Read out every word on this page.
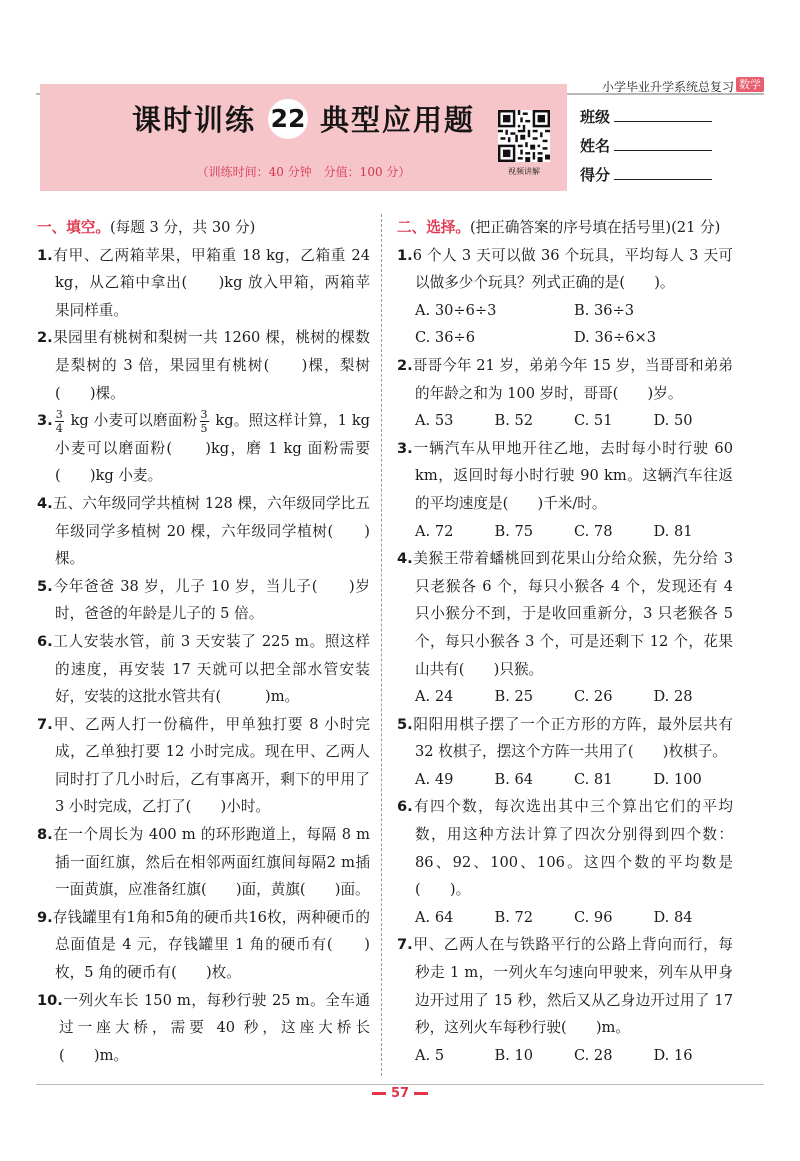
小学毕业升学系统总复习 数学
课时训练 22 典型应用题
（训练时间：40 分钟　分值：100 分）	视频讲解
班级
姓名
得分
一、填空。(每题 3 分，共 30 分)
1.有甲、乙两箱苹果，甲箱重 18 kg，乙箱重 24 kg，从乙箱中拿出(　　)kg 放入甲箱，两箱苹果同样重。
2.果园里有桃树和梨树一共 1260 棵，桃树的棵数是梨树的 3 倍，果园里有桃树(　　)棵，梨树(　　)棵。
3. $\frac{3}{4}$ kg 小麦可以磨面粉 $\frac{3}{5}$ kg。照这样计算，1 kg小麦可以磨面粉(　　)kg，磨 1 kg 面粉需要(　　)kg 小麦。
4.五、六年级同学共植树 128 棵，六年级同学比五年级同学多植树 20 棵，六年级同学植树(　　)棵。
5.今年爸爸 38 岁，儿子 10 岁，当儿子(　　)岁时，爸爸的年龄是儿子的 5 倍。
6.工人安装水管，前 3 天安装了 225 m。照这样的速度，再安装 17 天就可以把全部水管安装好，安装的这批水管共有(　　　)m。
7.甲、乙两人打一份稿件，甲单独打要 8 小时完成，乙单独打要 12 小时完成。现在甲、乙两人同时打了几小时后，乙有事离开，剩下的甲用了 3 小时完成，乙打了(　　)小时。
8.在一个周长为 400 m 的环形跑道上，每隔 8 m插一面红旗，然后在相邻两面红旗间每隔2 m插一面黄旗，应准备红旗(　　)面，黄旗(　　)面。
9.存钱罐里有1角和5角的硬币共16枚，两种硬币的总面值是 4 元，存钱罐里 1 角的硬币有(　　)枚，5 角的硬币有(　　)枚。
10.一列火车长 150 m，每秒行驶 25 m。全车通过一座大桥，需要 40 秒，这座大桥长(　　)m。
二、选择。(把正确答案的序号填在括号里)(21 分)
1.6 个人 3 天可以做 36 个玩具，平均每人 3 天可以做多少个玩具？列式正确的是(　　)。
A. 30÷6÷3	B. 36÷3
C. 36÷6	D. 36÷6×3
2.哥哥今年 21 岁，弟弟今年 15 岁，当哥哥和弟弟的年龄之和为 100 岁时，哥哥(　　)岁。
A. 53	B. 52	C. 51	D. 50
3.一辆汽车从甲地开往乙地，去时每小时行驶 60 km，返回时每小时行驶 90 km。这辆汽车往返的平均速度是(　　)千米/时。
A. 72	B. 75	C. 78	D. 81
4.美猴王带着蟠桃回到花果山分给众猴，先分给 3 只老猴各 6 个，每只小猴各 4 个，发现还有 4 只小猴分不到，于是收回重新分，3 只老猴各 5 个，每只小猴各 3 个，可是还剩下 12 个，花果山共有(　　)只猴。
A. 24	B. 25	C. 26	D. 28
5.阳阳用棋子摆了一个正方形的方阵，最外层共有 32 枚棋子，摆这个方阵一共用了(　　)枚棋子。
A. 49	B. 64	C. 81	D. 100
6.有四个数，每次选出其中三个算出它们的平均数，用这种方法计算了四次分别得到四个数：86、92、100、106。这四个数的平均数是(　　)。
A. 64	B. 72	C. 96	D. 84
7.甲、乙两人在与铁路平行的公路上背向而行，每秒走 1 m，一列火车匀速向甲驶来，列车从甲身边开过用了 15 秒，然后又从乙身边开过用了 17 秒，这列火车每秒行驶(　　)m。
A. 5	B. 10	C. 28	D. 16
57
